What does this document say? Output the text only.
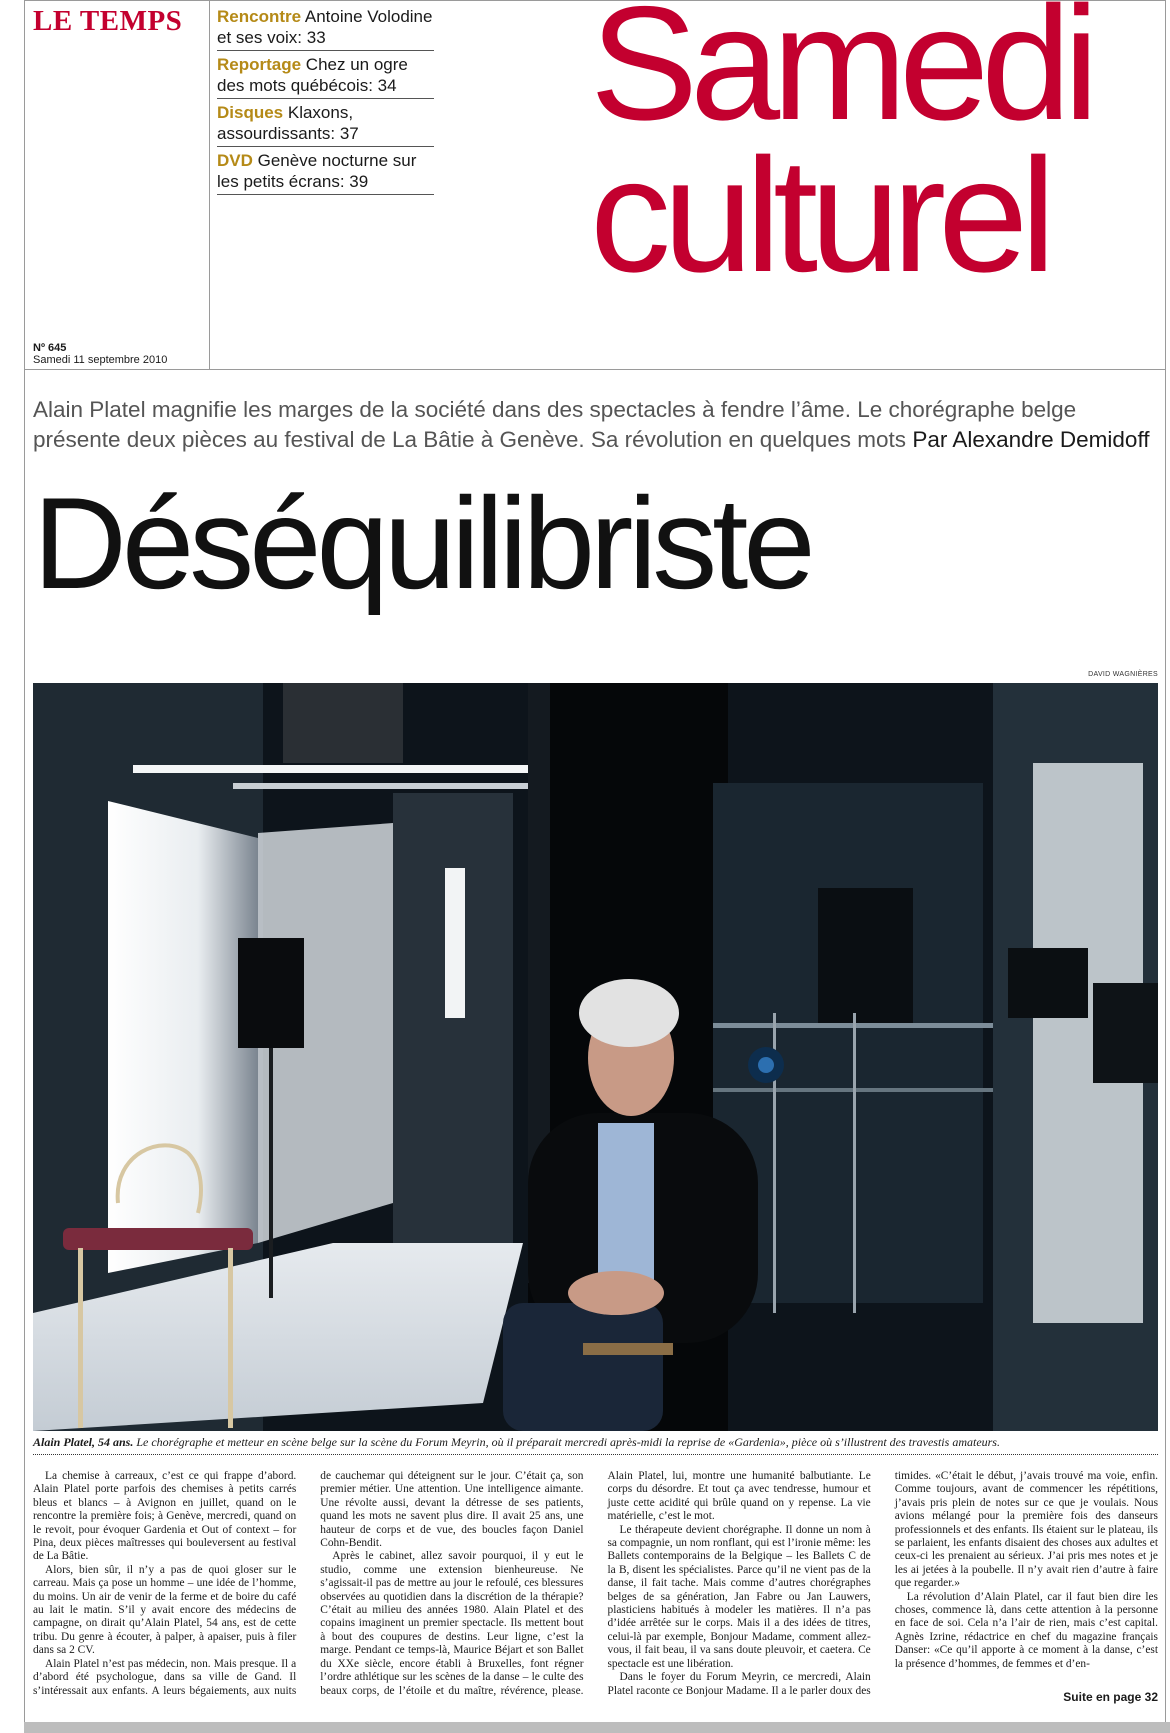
LE TEMPS
Nº 645
Samedi 11 septembre 2010
Rencontre Antoine Volodine et ses voix: 33
Reportage Chez un ogre des mots québécois: 34
Disques Klaxons, assourdissants: 37
DVD Genève nocturne sur les petits écrans: 39
Samedi
culturel

Alain Platel magnifie les marges de la société dans des spectacles à fendre l’âme. Le chorégraphe belge présente deux pièces au festival de La Bâtie à Genève. Sa révolution en quelques mots Par Alexandre Demidoff

Déséquilibriste
DAVID WAGNIÈRES

Alain Platel, 54 ans. Le chorégraphe et metteur en scène belge sur la scène du Forum Meyrin, où il préparait mercredi après-midi la reprise de «Gardenia», pièce où s’illustrent des travestis amateurs.

La chemise à carreaux, c’est ce qui frappe d’abord. Alain Platel porte parfois des chemises à petits carrés bleus et blancs – à Avignon en juillet, quand on le rencontre la première fois; à Genève, mercredi, quand on le revoit, pour évoquer Gardenia et Out of context – for Pina, deux pièces maîtresses qui bouleversent au festival de La Bâtie.

Alors, bien sûr, il n’y a pas de quoi gloser sur le carreau. Mais ça pose un homme – une idée de l’homme, du moins. Un air de venir de la ferme et de boire du café au lait le matin. S’il y avait encore des médecins de campagne, on dirait qu’Alain Platel, 54 ans, est de cette tribu. Du genre à écouter, à palper, à apaiser, puis à filer dans sa 2 CV.

Alain Platel n’est pas médecin, non. Mais presque. Il a d’abord été psychologue, dans sa ville de Gand. Il s’intéressait aux enfants. A leurs bégaiements, aux nuits de cauchemar qui déteignent sur le jour. C’était ça, son premier métier. Une attention. Une intelligence aimante. Une révolte aussi, devant la détresse de ses patients, quand les mots ne savent plus dire. Il avait 25 ans, une hauteur de corps et de vue, des boucles façon Daniel Cohn-Bendit.

Après le cabinet, allez savoir pourquoi, il y eut le studio, comme une extension bienheureuse. Ne s’agissait-il pas de mettre au jour le refoulé, ces blessures observées au quotidien dans la discrétion de la thérapie? C’était au milieu des années 1980. Alain Platel et des copains imaginent un premier spectacle. Ils mettent bout à bout des coupures de destins. Leur ligne, c’est la marge. Pendant ce temps-là, Maurice Béjart et son Ballet du XXe siècle, encore établi à Bruxelles, font régner l’ordre athlétique sur les scènes de la danse – le culte des beaux corps, de l’étoile et du maître, révérence, please. Alain Platel, lui, montre une humanité balbutiante. Le corps du désordre. Et tout ça avec tendresse, humour et juste cette acidité qui brûle quand on y repense. La vie matérielle, c’est le mot.

Le thérapeute devient chorégraphe. Il donne un nom à sa compagnie, un nom ronflant, qui est l’ironie même: les Ballets contemporains de la Belgique – les Ballets C de la B, disent les spécialistes. Parce qu’il ne vient pas de la danse, il fait tache. Mais comme d’autres chorégraphes belges de sa génération, Jan Fabre ou Jan Lauwers, plasticiens habitués à modeler les matières. Il n’a pas d’idée arrêtée sur le corps. Mais il a des idées de titres, celui-là par exemple, Bonjour Madame, comment allez-vous, il fait beau, il va sans doute pleuvoir, et caetera. Ce spectacle est une libération.

Dans le foyer du Forum Meyrin, ce mercredi, Alain Platel raconte ce Bonjour Madame. Il a le parler doux des timides. «C’était le début, j’avais trouvé ma voie, enfin. Comme toujours, avant de commencer les répétitions, j’avais pris plein de notes sur ce que je voulais. Nous avions mélangé pour la première fois des danseurs professionnels et des enfants. Ils étaient sur le plateau, ils se parlaient, les enfants disaient des choses aux adultes et ceux-ci les prenaient au sérieux. J’ai pris mes notes et je les ai jetées à la poubelle. Il n’y avait rien d’autre à faire que regarder.»

La révolution d’Alain Platel, car il faut bien dire les choses, commence là, dans cette attention à la personne en face de soi. Cela n’a l’air de rien, mais c’est capital. Agnès Izrine, rédactrice en chef du magazine français Danser: «Ce qu’il apporte à ce moment à la danse, c’est la présence d’hommes, de femmes et d’en-

Suite en page 32
